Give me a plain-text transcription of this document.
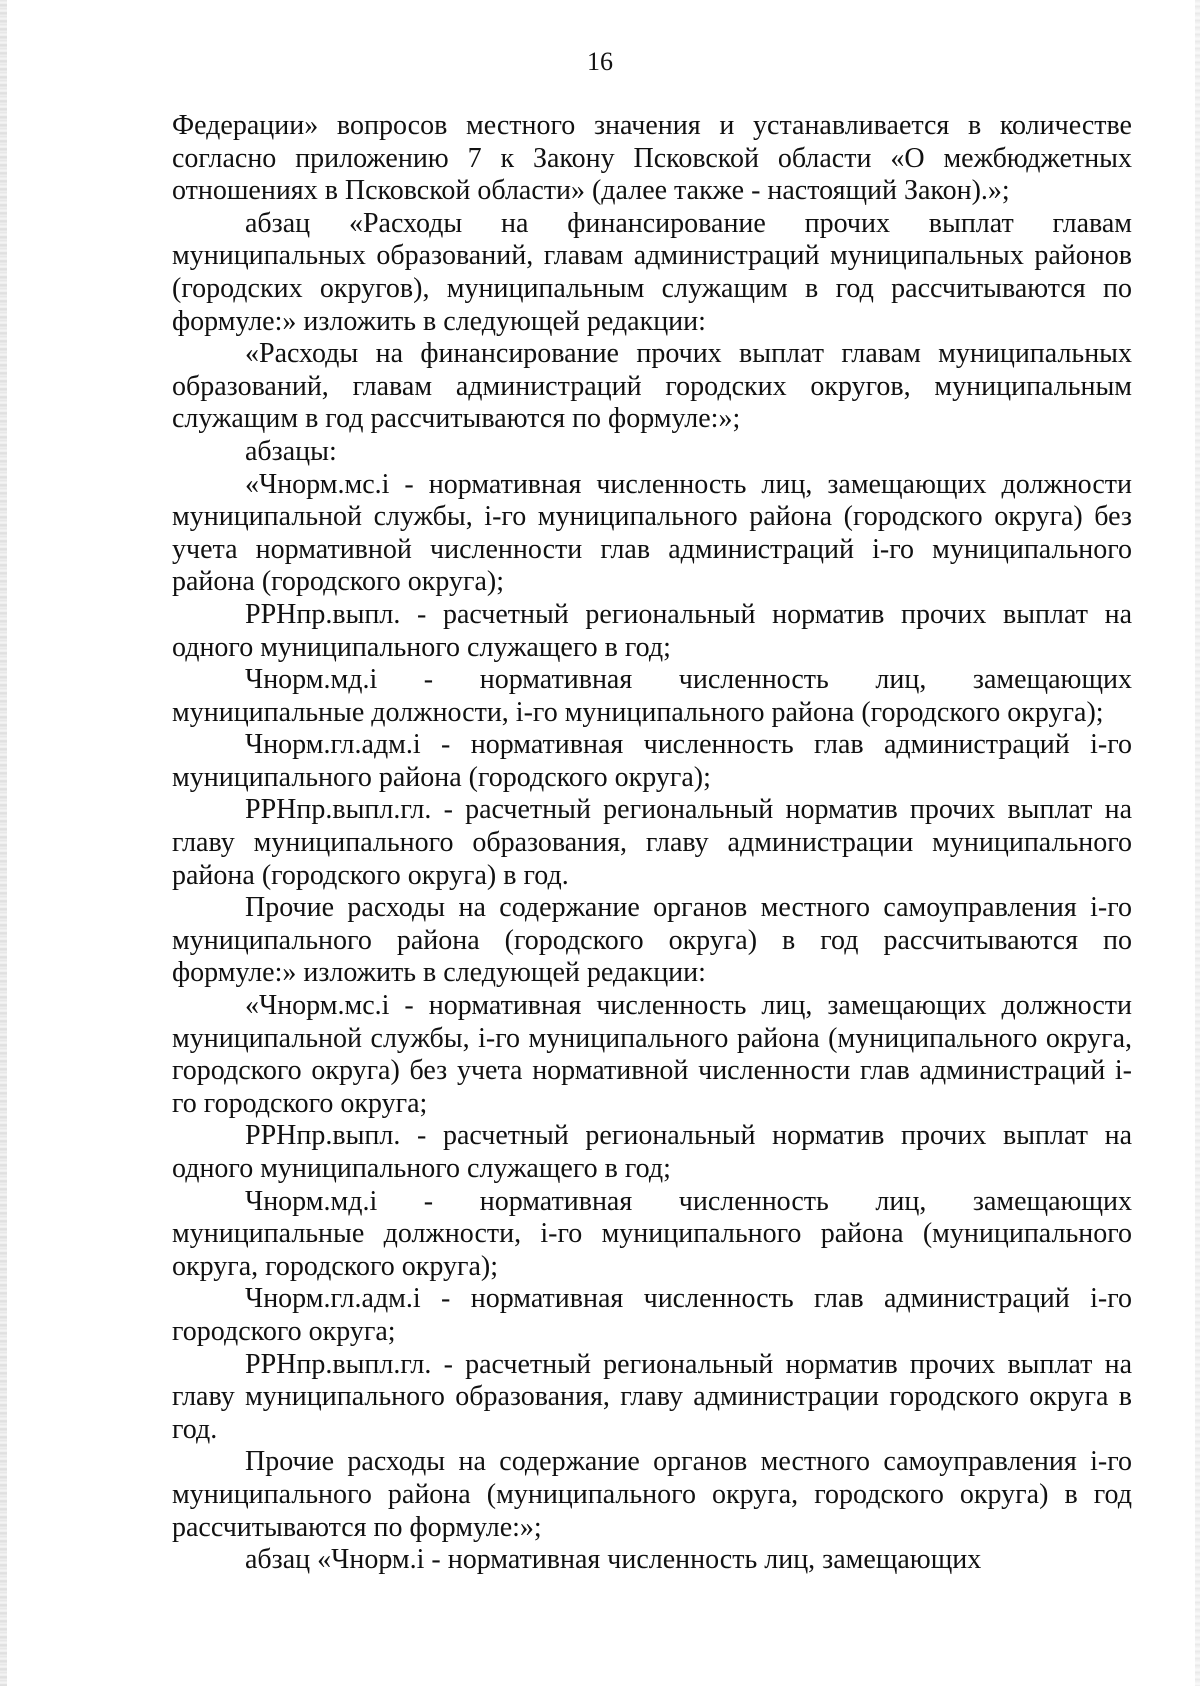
16

Федерации» вопросов местного значения и устанавливается в количестве согласно приложению 7 к Закону Псковской области «О межбюджетных отношениях в Псковской области» (далее также - настоящий Закон).»;

абзац «Расходы на финансирование прочих выплат главам муниципальных образований, главам администраций муниципальных районов (городских округов), муниципальным служащим в год рассчитываются по формуле:» изложить в следующей редакции:

«Расходы на финансирование прочих выплат главам муниципальных образований, главам администраций городских округов, муниципальным служащим в год рассчитываются по формуле:»;

абзацы:

«Чнорм.мс.i - нормативная численность лиц, замещающих должности муниципальной службы, i-го муниципального района (городского округа) без учета нормативной численности глав администраций i-го муниципального района (городского округа);

РРНпр.выпл. - расчетный региональный норматив прочих выплат на одного муниципального служащего в год;

Чнорм.мд.i - нормативная численность лиц, замещающих муниципальные должности, i-го муниципального района (городского округа);

Чнорм.гл.адм.i - нормативная численность глав администраций i-го муниципального района (городского округа);

РРНпр.выпл.гл. - расчетный региональный норматив прочих выплат на главу муниципального образования, главу администрации муниципального района (городского округа) в год.

Прочие расходы на содержание органов местного самоуправления i-го муниципального района (городского округа) в год рассчитываются по формуле:» изложить в следующей редакции:

«Чнорм.мс.i - нормативная численность лиц, замещающих должности муниципальной службы, i-го муниципального района (муниципального округа, городского округа) без учета нормативной численности глав администраций i-го городского округа;

РРНпр.выпл. - расчетный региональный норматив прочих выплат на одного муниципального служащего в год;

Чнорм.мд.i - нормативная численность лиц, замещающих муниципальные должности, i-го муниципального района (муниципального округа, городского округа);

Чнорм.гл.адм.i - нормативная численность глав администраций i-го городского округа;

РРНпр.выпл.гл. - расчетный региональный норматив прочих выплат на главу муниципального образования, главу администрации городского округа в год.

Прочие расходы на содержание органов местного самоуправления i-го муниципального района (муниципального округа, городского округа) в год рассчитываются по формуле:»;

абзац «Чнорм.i - нормативная численность лиц, замещающих
